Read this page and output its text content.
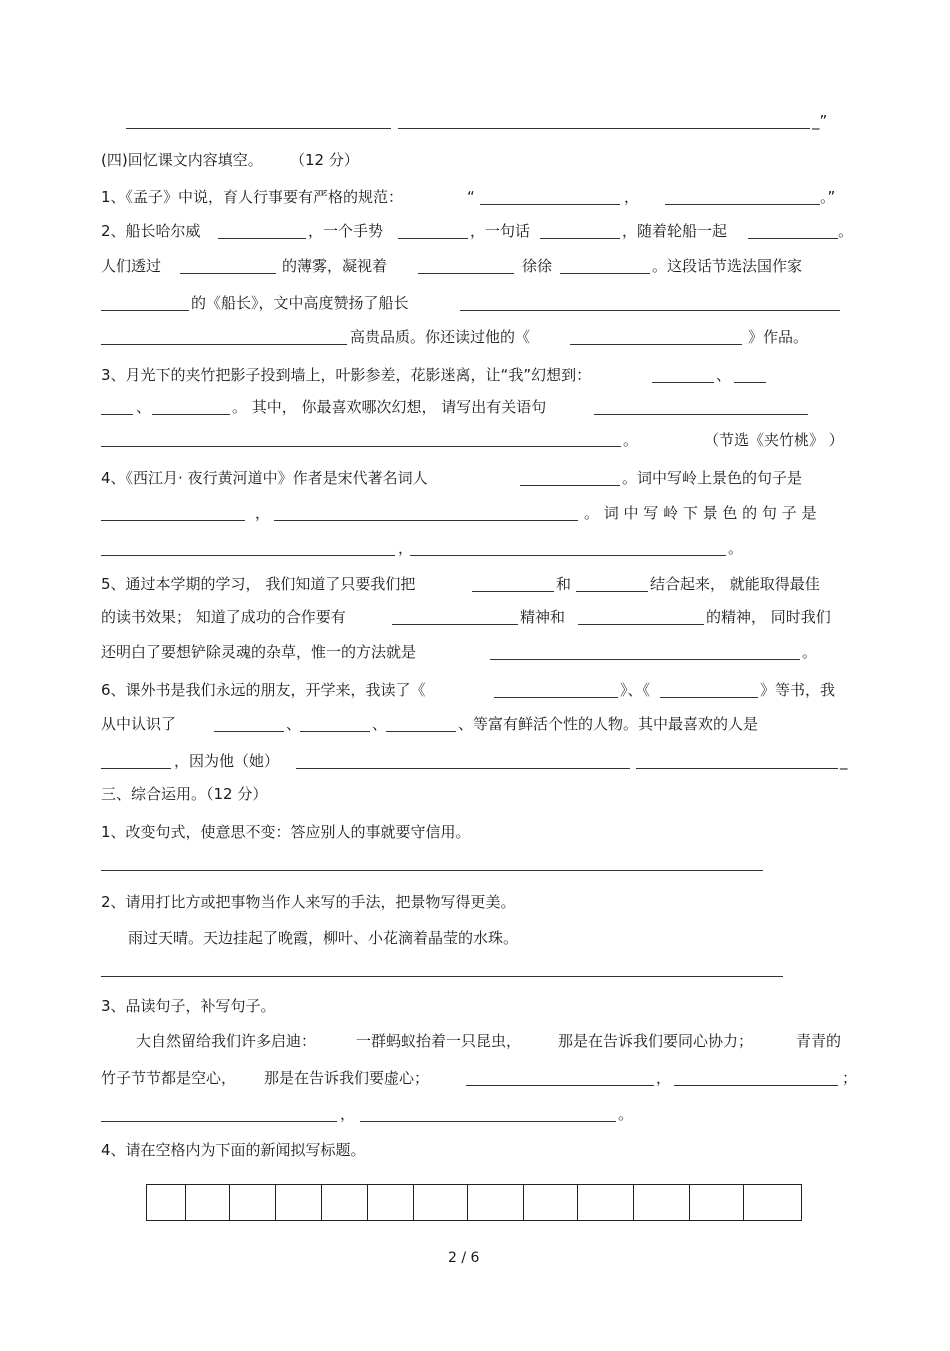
_”
(四)回忆课文内容填空。 （12 分）
1、《孟子》中说，育人行事要有严格的规范：	“	，	。”
2、船长哈尔威	，一个手势	，一句话	，随着轮船一起	。
人们透过	的薄雾，凝视着	徐徐	。这段话节选法国作家
的《船长》，文中高度赞扬了船长
高贵品质。你还读过他的《	》作品。
3、月光下的夹竹把影子投到墙上，叶影参差，花影迷离，让“我”幻想到：	、
、	。 其中， 你最喜欢哪次幻想， 请写出有关语句
。	（节选《夹竹桃》 ）
4、《西江月· 夜行黄河道中》作者是宋代著名词人	。词中写岭上景色的句子是
，	。 词 中 写 岭 下 景 色 的 句 子 是
，	。
5、通过本学期的学习， 我们知道了只要我们把	和	结合起来， 就能取得最佳
的读书效果； 知道了成功的合作要有	精神和	的精神， 同时我们
还明白了要想铲除灵魂的杂草，惟一的方法就是	。
6、课外书是我们永远的朋友，开学来，我读了《	》、《	》等书，我
从中认识了	、	、	、等富有鲜活个性的人物。其中最喜欢的人是
，因为他（她）	_
三、综合运用。（12 分）
1、改变句式，使意思不变：答应别人的事就要守信用。
2、请用打比方或把事物当作人来写的手法，把景物写得更美。
雨过天晴。天边挂起了晚霞，柳叶、小花滴着晶莹的水珠。
3、品读句子，补写句子。
大自然留给我们许多启迪：	一群蚂蚁抬着一只昆虫， 那是在告诉我们要同心协力；	青青的
竹子节节都是空心， 那是在告诉我们要虚心；	，	；
，	。
4、请在空格内为下面的新闻拟写标题。
2 / 6
